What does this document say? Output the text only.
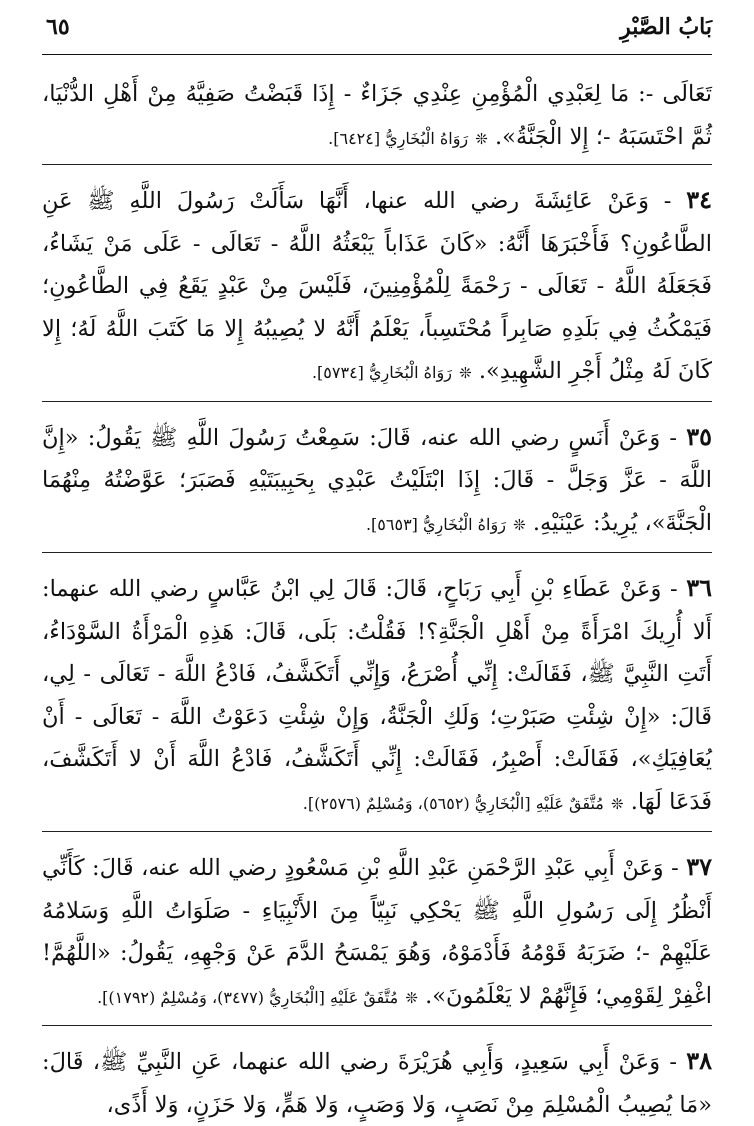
بَابُ الصَّبْرِ
٦٥

تَعَالَى -: مَا لِعَبْدِي الْمُؤْمِنِ عِنْدِي جَزَاءٌ - إِذَا قَبَضْتُ صَفِيَّهُ مِنْ أَهْلِ الدُّنْيَا، ثُمَّ احْتَسَبَهُ -؛ إِلا الْجَنَّةُ». ❊ رَوَاهُ الْبُخَارِيُّ [٦٤٢٤].

٣٤ - وَعَنْ عَائِشَةَ رضي الله عنها، أَنَّهَا سَأَلَتْ رَسُولَ اللَّهِ ﷺ عَنِ الطَّاعُونِ؟ فَأَخْبَرَهَا أَنَّهُ: «كَانَ عَذَاباً يَبْعَثُهُ اللَّهُ - تَعَالَى - عَلَى مَنْ يَشَاءُ، فَجَعَلَهُ اللَّهُ - تَعَالَى - رَحْمَةً لِلْمُؤْمِنِينَ، فَلَيْسَ مِنْ عَبْدٍ يَقَعُ فِي الطَّاعُونِ؛ فَيَمْكُثُ فِي بَلَدِهِ صَابِراً مُحْتَسِباً، يَعْلَمُ أَنَّهُ لا يُصِيبُهُ إِلا مَا كَتَبَ اللَّهُ لَهُ؛ إِلا كَانَ لَهُ مِثْلُ أَجْرِ الشَّهِيدِ». ❊ رَوَاهُ الْبُخَارِيُّ [٥٧٣٤].

٣٥ - وَعَنْ أَنَسٍ رضي الله عنه، قَالَ: سَمِعْتُ رَسُولَ اللَّهِ ﷺ يَقُولُ: «إِنَّ اللَّهَ - عَزَّ وَجَلَّ - قَالَ: إِذَا ابْتَلَيْتُ عَبْدِي بِحَبِيبَتَيْهِ فَصَبَرَ؛ عَوَّضْتُهُ مِنْهُمَا الْجَنَّةَ»، يُرِيدُ: عَيْنَيْهِ. ❊ رَوَاهُ الْبُخَارِيُّ [٥٦٥٣].

٣٦ - وَعَنْ عَطَاءِ بْنِ أَبِي رَبَاحٍ، قَالَ: قَالَ لِي ابْنُ عَبَّاسٍ رضي الله عنهما: أَلا أُرِيكَ امْرَأَةً مِنْ أَهْلِ الْجَنَّةِ؟! فَقُلْتُ: بَلَى، قَالَ: هَذِهِ الْمَرْأَةُ السَّوْدَاءُ، أَتَتِ النَّبِيَّ ﷺ، فَقَالَتْ: إِنِّي أُصْرَعُ، وَإِنِّي أَتَكَشَّفُ، فَادْعُ اللَّهَ - تَعَالَى - لِي، قَالَ: «إِنْ شِئْتِ صَبَرْتِ؛ وَلَكِ الْجَنَّةُ، وَإِنْ شِئْتِ دَعَوْتُ اللَّهَ - تَعَالَى - أَنْ يُعَافِيَكِ»، فَقَالَتْ: أَصْبِرُ، فَقَالَتْ: إِنِّي أَتَكَشَّفُ، فَادْعُ اللَّهَ أَنْ لا أَتَكَشَّفَ، فَدَعَا لَهَا. ❊ مُتَّفَقٌ عَلَيْهِ [الْبُخَارِيُّ (٥٦٥٢)، وَمُسْلِمٌ (٢٥٧٦)].

٣٧ - وَعَنْ أَبِي عَبْدِ الرَّحْمَنِ عَبْدِ اللَّهِ بْنِ مَسْعُودٍ رضي الله عنه، قَالَ: كَأَنِّي أَنْظُرُ إِلَى رَسُولِ اللَّهِ ﷺ يَحْكِي نَبِيّاً مِنَ الأَنْبِيَاءِ - صَلَوَاتُ اللَّهِ وَسَلامُهُ عَلَيْهِمْ -؛ ضَرَبَهُ قَوْمُهُ فَأَدْمَوْهُ، وَهُوَ يَمْسَحُ الدَّمَ عَنْ وَجْهِهِ، يَقُولُ: «اللَّهُمَّ! اغْفِرْ لِقَوْمِي؛ فَإِنَّهُمْ لا يَعْلَمُونَ». ❊ مُتَّفَقٌ عَلَيْهِ [الْبُخَارِيُّ (٣٤٧٧)، وَمُسْلِمٌ (١٧٩٢)].

٣٨ - وَعَنْ أَبِي سَعِيدٍ، وَأَبِي هُرَيْرَةَ رضي الله عنهما، عَنِ النَّبِيِّ ﷺ، قَالَ: «مَا يُصِيبُ الْمُسْلِمَ مِنْ نَصَبٍ، وَلا وَصَبٍ، وَلا هَمٍّ، وَلا حَزَنٍ، وَلا أَذًى،
